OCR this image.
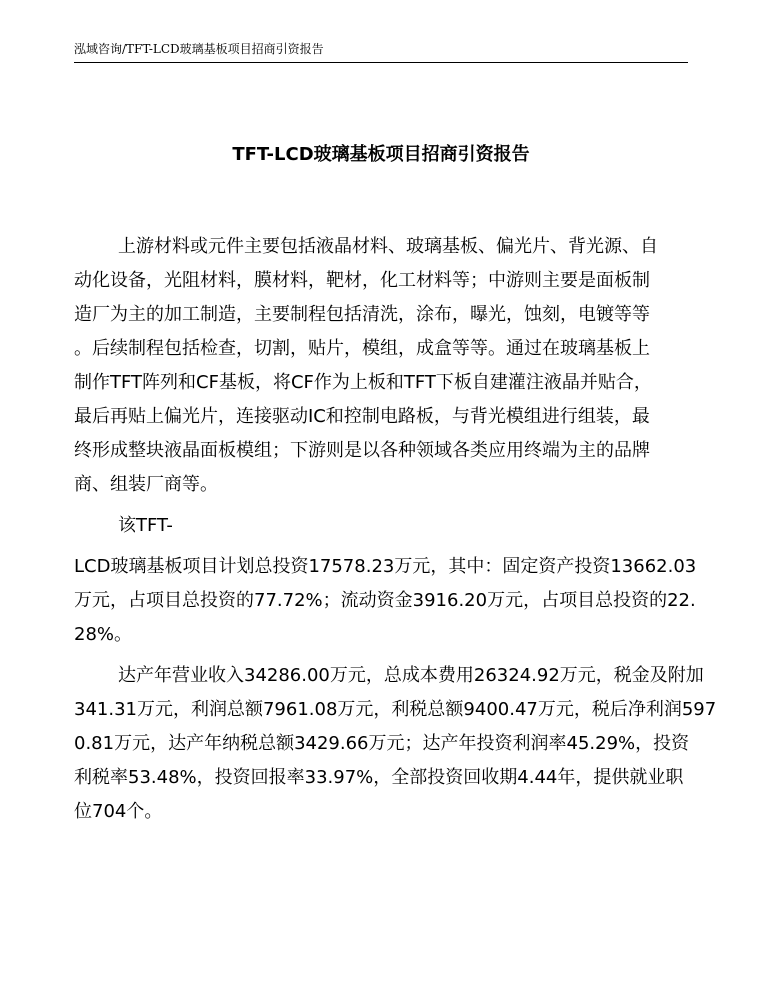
泓域咨询/TFT-LCD玻璃基板项目招商引资报告
TFT-LCD玻璃基板项目招商引资报告
上游材料或元件主要包括液晶材料、玻璃基板、偏光片、背光源、自
动化设备，光阻材料，膜材料，靶材，化工材料等；中游则主要是面板制
造厂为主的加工制造，主要制程包括清洗，涂布，曝光，蚀刻，电镀等等
。后续制程包括检查，切割，贴片，模组，成盒等等。通过在玻璃基板上
制作TFT阵列和CF基板，将CF作为上板和TFT下板自建灌注液晶并贴合，
最后再贴上偏光片，连接驱动IC和控制电路板，与背光模组进行组装，最
终形成整块液晶面板模组；下游则是以各种领域各类应用终端为主的品牌
商、组装厂商等。
该TFT-
LCD玻璃基板项目计划总投资17578.23万元，其中：固定资产投资13662.03
万元，占项目总投资的77.72%；流动资金3916.20万元，占项目总投资的22.
28%。
达产年营业收入34286.00万元，总成本费用26324.92万元，税金及附加
341.31万元，利润总额7961.08万元，利税总额9400.47万元，税后净利润597
0.81万元，达产年纳税总额3429.66万元；达产年投资利润率45.29%，投资
利税率53.48%，投资回报率33.97%，全部投资回收期4.44年，提供就业职
位704个。
